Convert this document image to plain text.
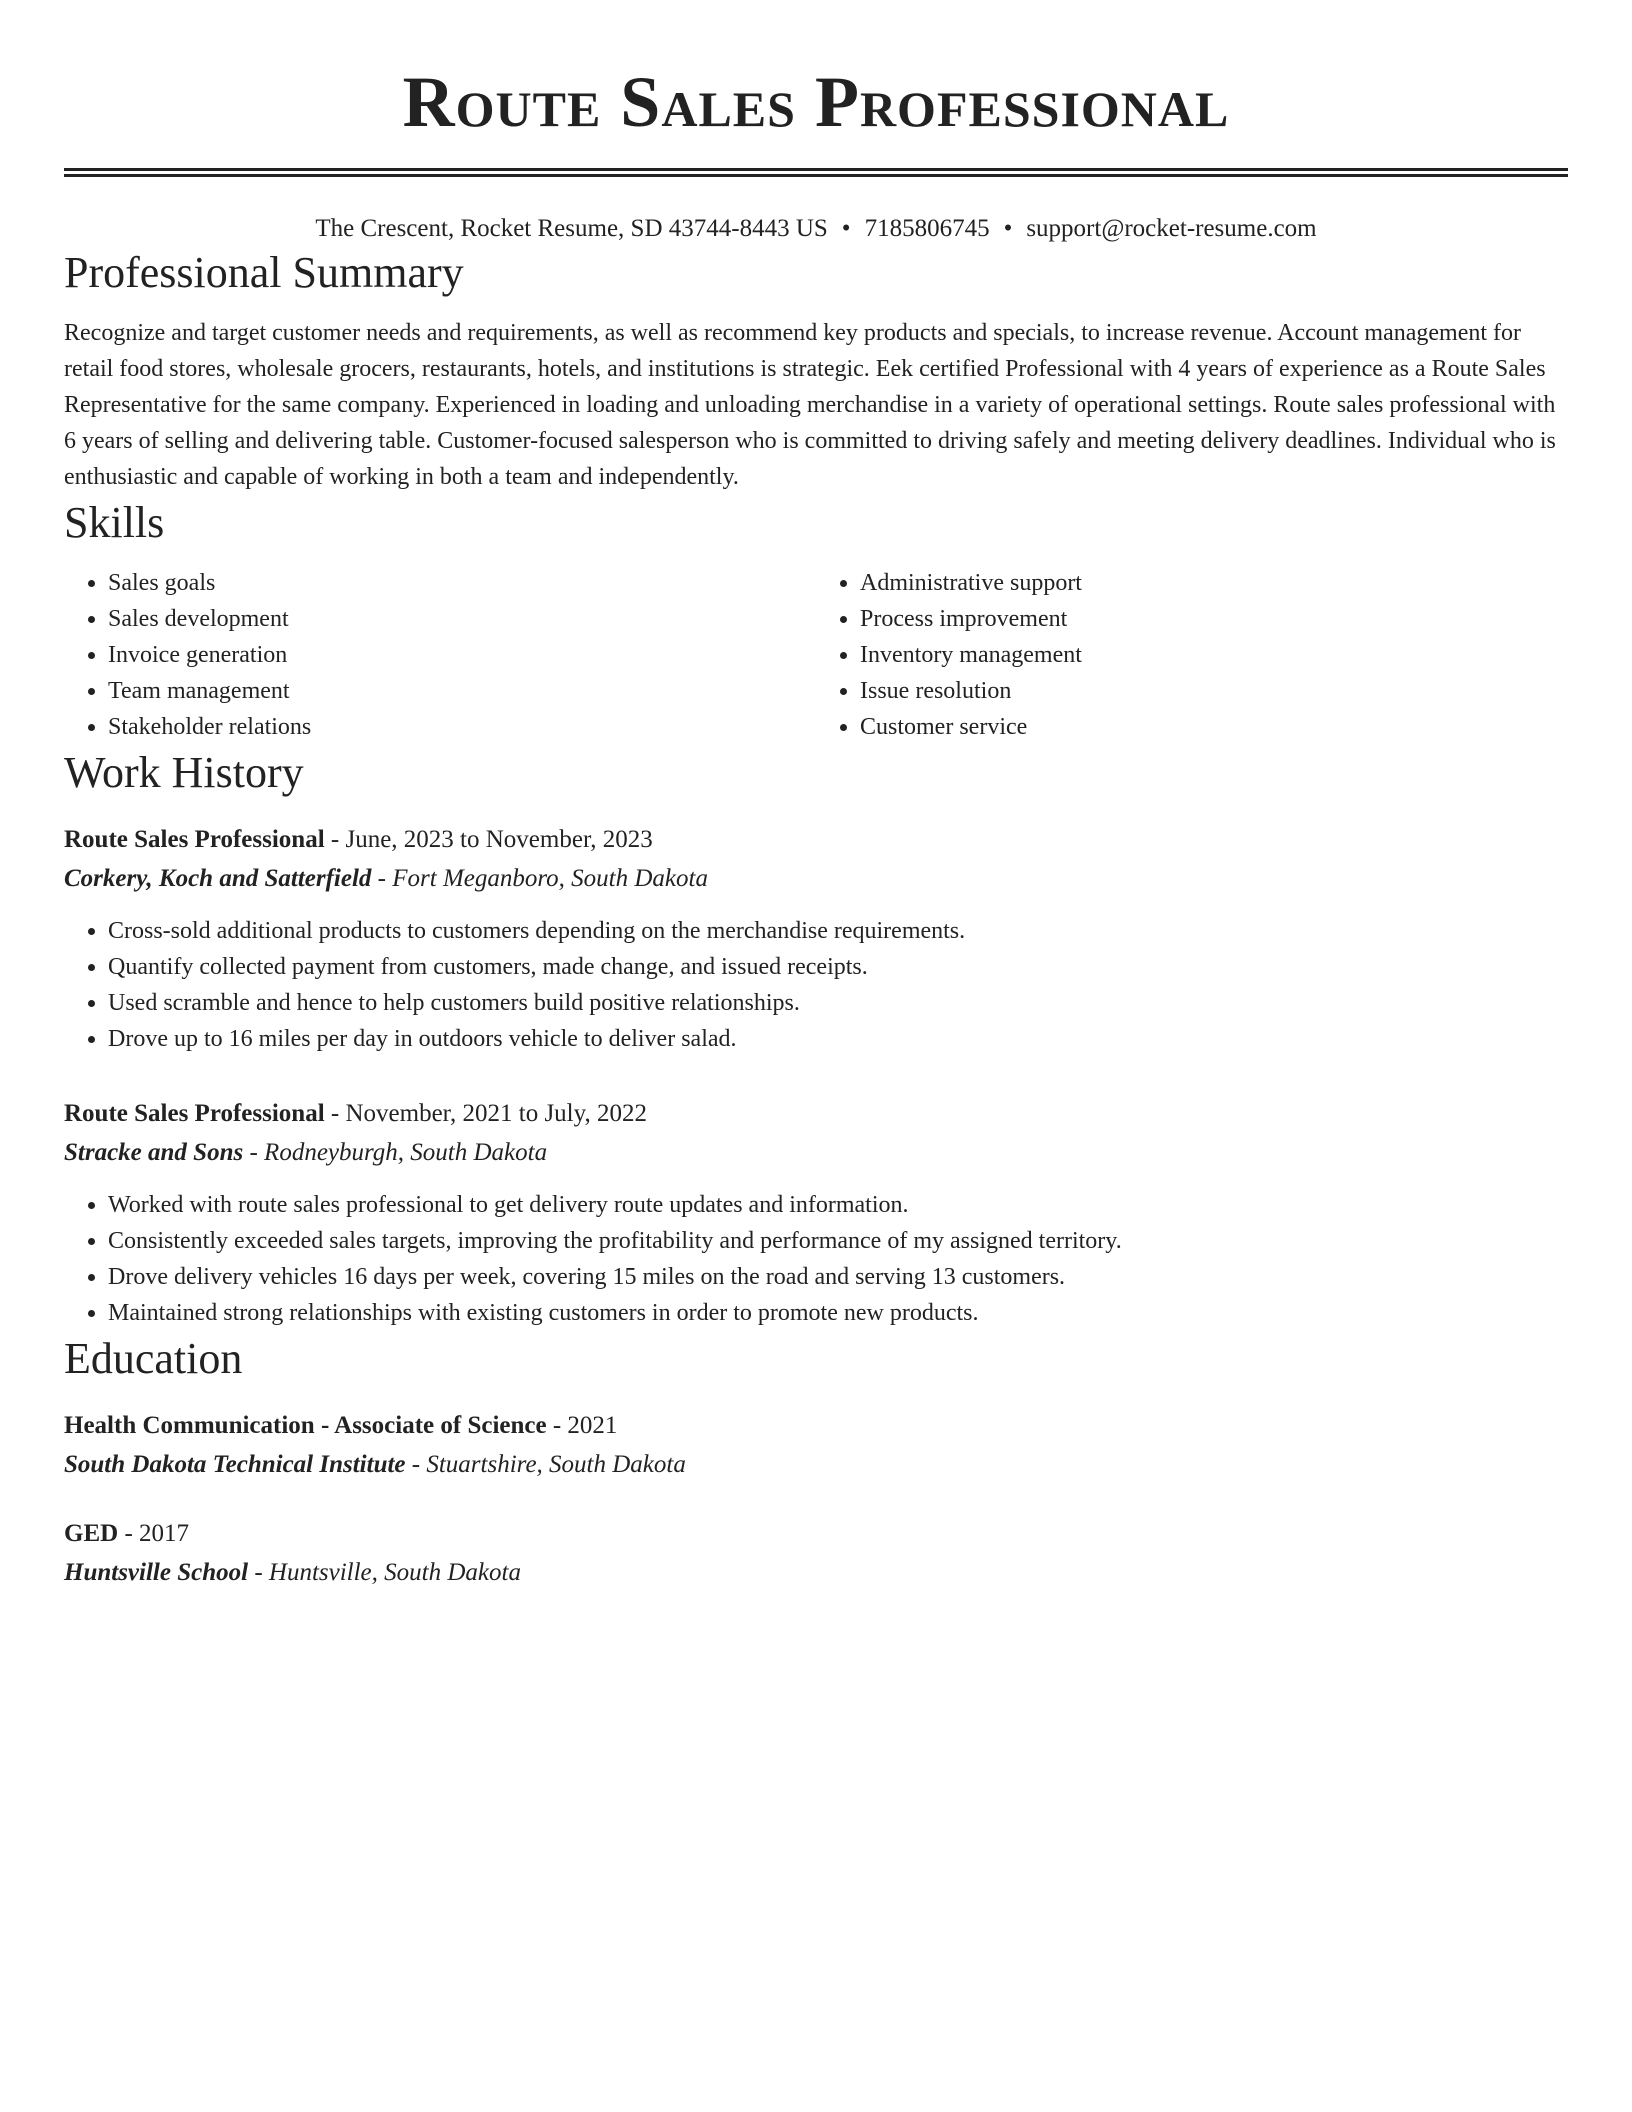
Route Sales Professional
The Crescent, Rocket Resume, SD 43744-8443 US • 7185806745 • support@rocket-resume.com
Professional Summary

Recognize and target customer needs and requirements, as well as recommend key products and specials, to increase revenue. Account management for retail food stores, wholesale grocers, restaurants, hotels, and institutions is strategic. Eek certified Professional with 4 years of experience as a Route Sales Representative for the same company. Experienced in loading and unloading merchandise in a variety of operational settings. Route sales professional with 6 years of selling and delivering table. Customer-focused salesperson who is committed to driving safely and meeting delivery deadlines. Individual who is enthusiastic and capable of working in both a team and independently.

Skills
• Sales goals
• Sales development
• Invoice generation
• Team management
• Stakeholder relations
• Administrative support
• Process improvement
• Inventory management
• Issue resolution
• Customer service
Work History
Route Sales Professional - June, 2023 to November, 2023
Corkery, Koch and Satterfield - Fort Meganboro, South Dakota
• Cross-sold additional products to customers depending on the merchandise requirements.
• Quantify collected payment from customers, made change, and issued receipts.
• Used scramble and hence to help customers build positive relationships.
• Drove up to 16 miles per day in outdoors vehicle to deliver salad.
Route Sales Professional - November, 2021 to July, 2022
Stracke and Sons - Rodneyburgh, South Dakota
• Worked with route sales professional to get delivery route updates and information.
• Consistently exceeded sales targets, improving the profitability and performance of my assigned territory.
• Drove delivery vehicles 16 days per week, covering 15 miles on the road and serving 13 customers.
• Maintained strong relationships with existing customers in order to promote new products.
Education
Health Communication - Associate of Science - 2021
South Dakota Technical Institute - Stuartshire, South Dakota
GED - 2017
Huntsville School - Huntsville, South Dakota
